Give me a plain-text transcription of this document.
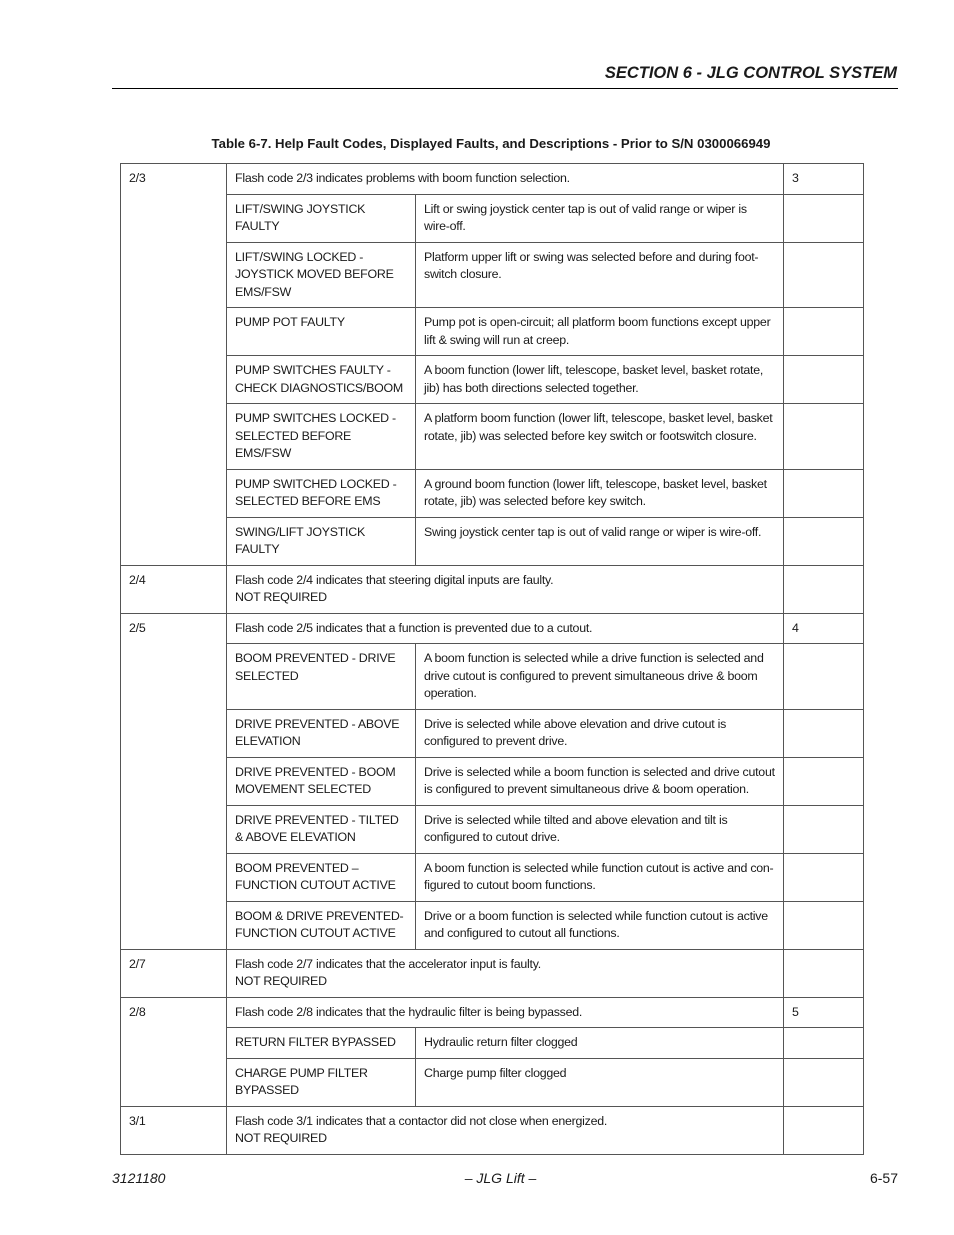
SECTION 6 - JLG CONTROL SYSTEM
Table 6-7. Help Fault Codes, Displayed Faults, and Descriptions - Prior to S/N 0300066949
2/3	Flash code 2/3 indicates problems with boom function selection.		3
	LIFT/SWING JOYSTICK FAULTY	Lift or swing joystick center tap is out of valid range or wiper is wire-off.	
	LIFT/SWING LOCKED - JOYSTICK MOVED BEFORE EMS/FSW	Platform upper lift or swing was selected before and during foot-switch closure.	
	PUMP POT FAULTY	Pump pot is open-circuit; all platform boom functions except upper lift & swing will run at creep.	
	PUMP SWITCHES FAULTY - CHECK DIAGNOSTICS/BOOM	A boom function (lower lift, telescope, basket level, basket rotate, jib) has both directions selected together.	
	PUMP SWITCHES LOCKED - SELECTED BEFORE EMS/FSW	A platform boom function (lower lift, telescope, basket level, basket rotate, jib) was selected before key switch or footswitch closure.	
	PUMP SWITCHED LOCKED - SELECTED BEFORE EMS	A ground boom function (lower lift, telescope, basket level, basket rotate, jib) was selected before key switch.	
	SWING/LIFT JOYSTICK FAULTY	Swing joystick center tap is out of valid range or wiper is wire-off.	
2/4	Flash code 2/4 indicates that steering digital inputs are faulty.
NOT REQUIRED		

2/5	Flash code 2/5 indicates that a function is prevented due to a cutout.		4
	BOOM PREVENTED - DRIVE SELECTED	A boom function is selected while a drive function is selected and drive cutout is configured to prevent simultaneous drive & boom operation.	
	DRIVE PREVENTED - ABOVE ELEVATION	Drive is selected while above elevation and drive cutout is configured to prevent drive.	
	DRIVE PREVENTED - BOOM MOVEMENT SELECTED	Drive is selected while a boom function is selected and drive cutout is configured to prevent simultaneous drive & boom operation.	
	DRIVE PREVENTED - TILTED & ABOVE ELEVATION	Drive is selected while tilted and above elevation and tilt is configured to cutout drive.	
	BOOM PREVENTED – FUNCTION CUTOUT ACTIVE	A boom function is selected while function cutout is active and con-figured to cutout boom functions.	
	BOOM & DRIVE PREVENTED-FUNCTION CUTOUT ACTIVE	Drive or a boom function is selected while function cutout is active and configured to cutout all functions.	
2/7	Flash code 2/7 indicates that the accelerator input is faulty.
NOT REQUIRED		

2/8	Flash code 2/8 indicates that the hydraulic filter is being bypassed.		5
	RETURN FILTER BYPASSED	Hydraulic return filter clogged	
	CHARGE PUMP FILTER BYPASSED	Charge pump filter clogged	
3/1	Flash code 3/1 indicates that a contactor did not close when energized.
NOT REQUIRED		

3121180	– JLG Lift –	6-57
